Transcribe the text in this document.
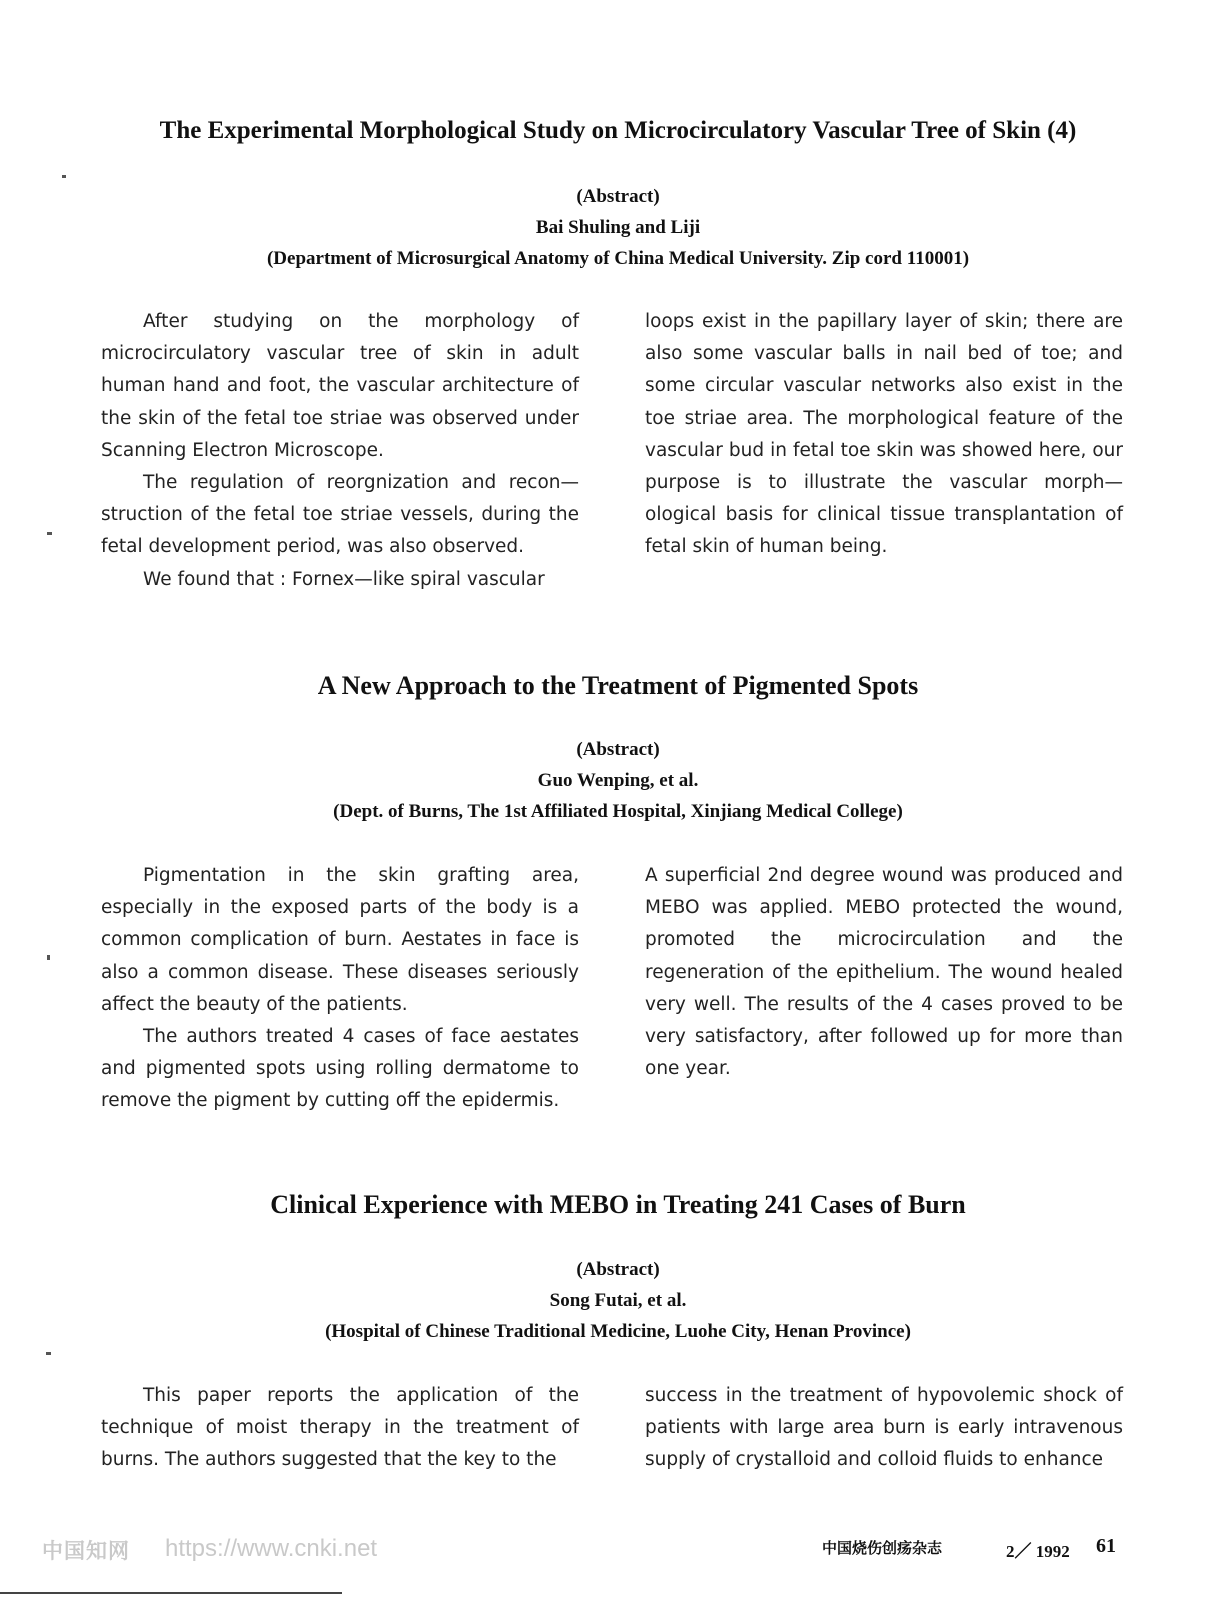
The Experimental Morphological Study on Microcirculatory Vascular Tree of Skin (4)
(Abstract)
Bai Shuling and Liji
(Department of Microsurgical Anatomy of China Medical University. Zip cord 110001)

After studying on the morphology of microcirculatory vascular tree of skin in adult human hand and foot, the vascular architecture of the skin of the fetal toe striae was observed under Scanning Electron Microscope.

The regulation of reorgnization and recon—struction of the fetal toe striae vessels, during the fetal development period, was also observed.

We found that : Fornex—like spiral vascular

loops exist in the papillary layer of skin; there are also some vascular balls in nail bed of toe; and some circular vascular networks also exist in the toe striae area. The morphological feature of the vascular bud in fetal toe skin was showed here, our purpose is to illustrate the vascular morph—ological basis for clinical tissue transplantation of fetal skin of human being.

A New Approach to the Treatment of Pigmented Spots
(Abstract)
Guo Wenping, et al.
(Dept. of Burns, The 1st Affiliated Hospital, Xinjiang Medical College)

Pigmentation in the skin grafting area, especially in the exposed parts of the body is a common complication of burn. Aestates in face is also a common disease. These diseases seriously affect the beauty of the patients.

The authors treated 4 cases of face aestates and pigmented spots using rolling dermatome to remove the pigment by cutting off the epidermis.

A superficial 2nd degree wound was produced and MEBO was applied. MEBO protected the wound, promoted the microcirculation and the regeneration of the epithelium. The wound healed very well. The results of the 4 cases proved to be very satisfactory, after followed up for more than one year.

Clinical Experience with MEBO in Treating 241 Cases of Burn
(Abstract)
Song Futai, et al.
(Hospital of Chinese Traditional Medicine, Luohe City, Henan Province)

This paper reports the application of the technique of moist therapy in the treatment of burns. The authors suggested that the key to the

success in the treatment of hypovolemic shock of patients with large area burn is early intravenous supply of crystalloid and colloid fluids to enhance

中国知网 https://www.cnki.net	中国烧伤创疡杂志	2／ 1992 61
